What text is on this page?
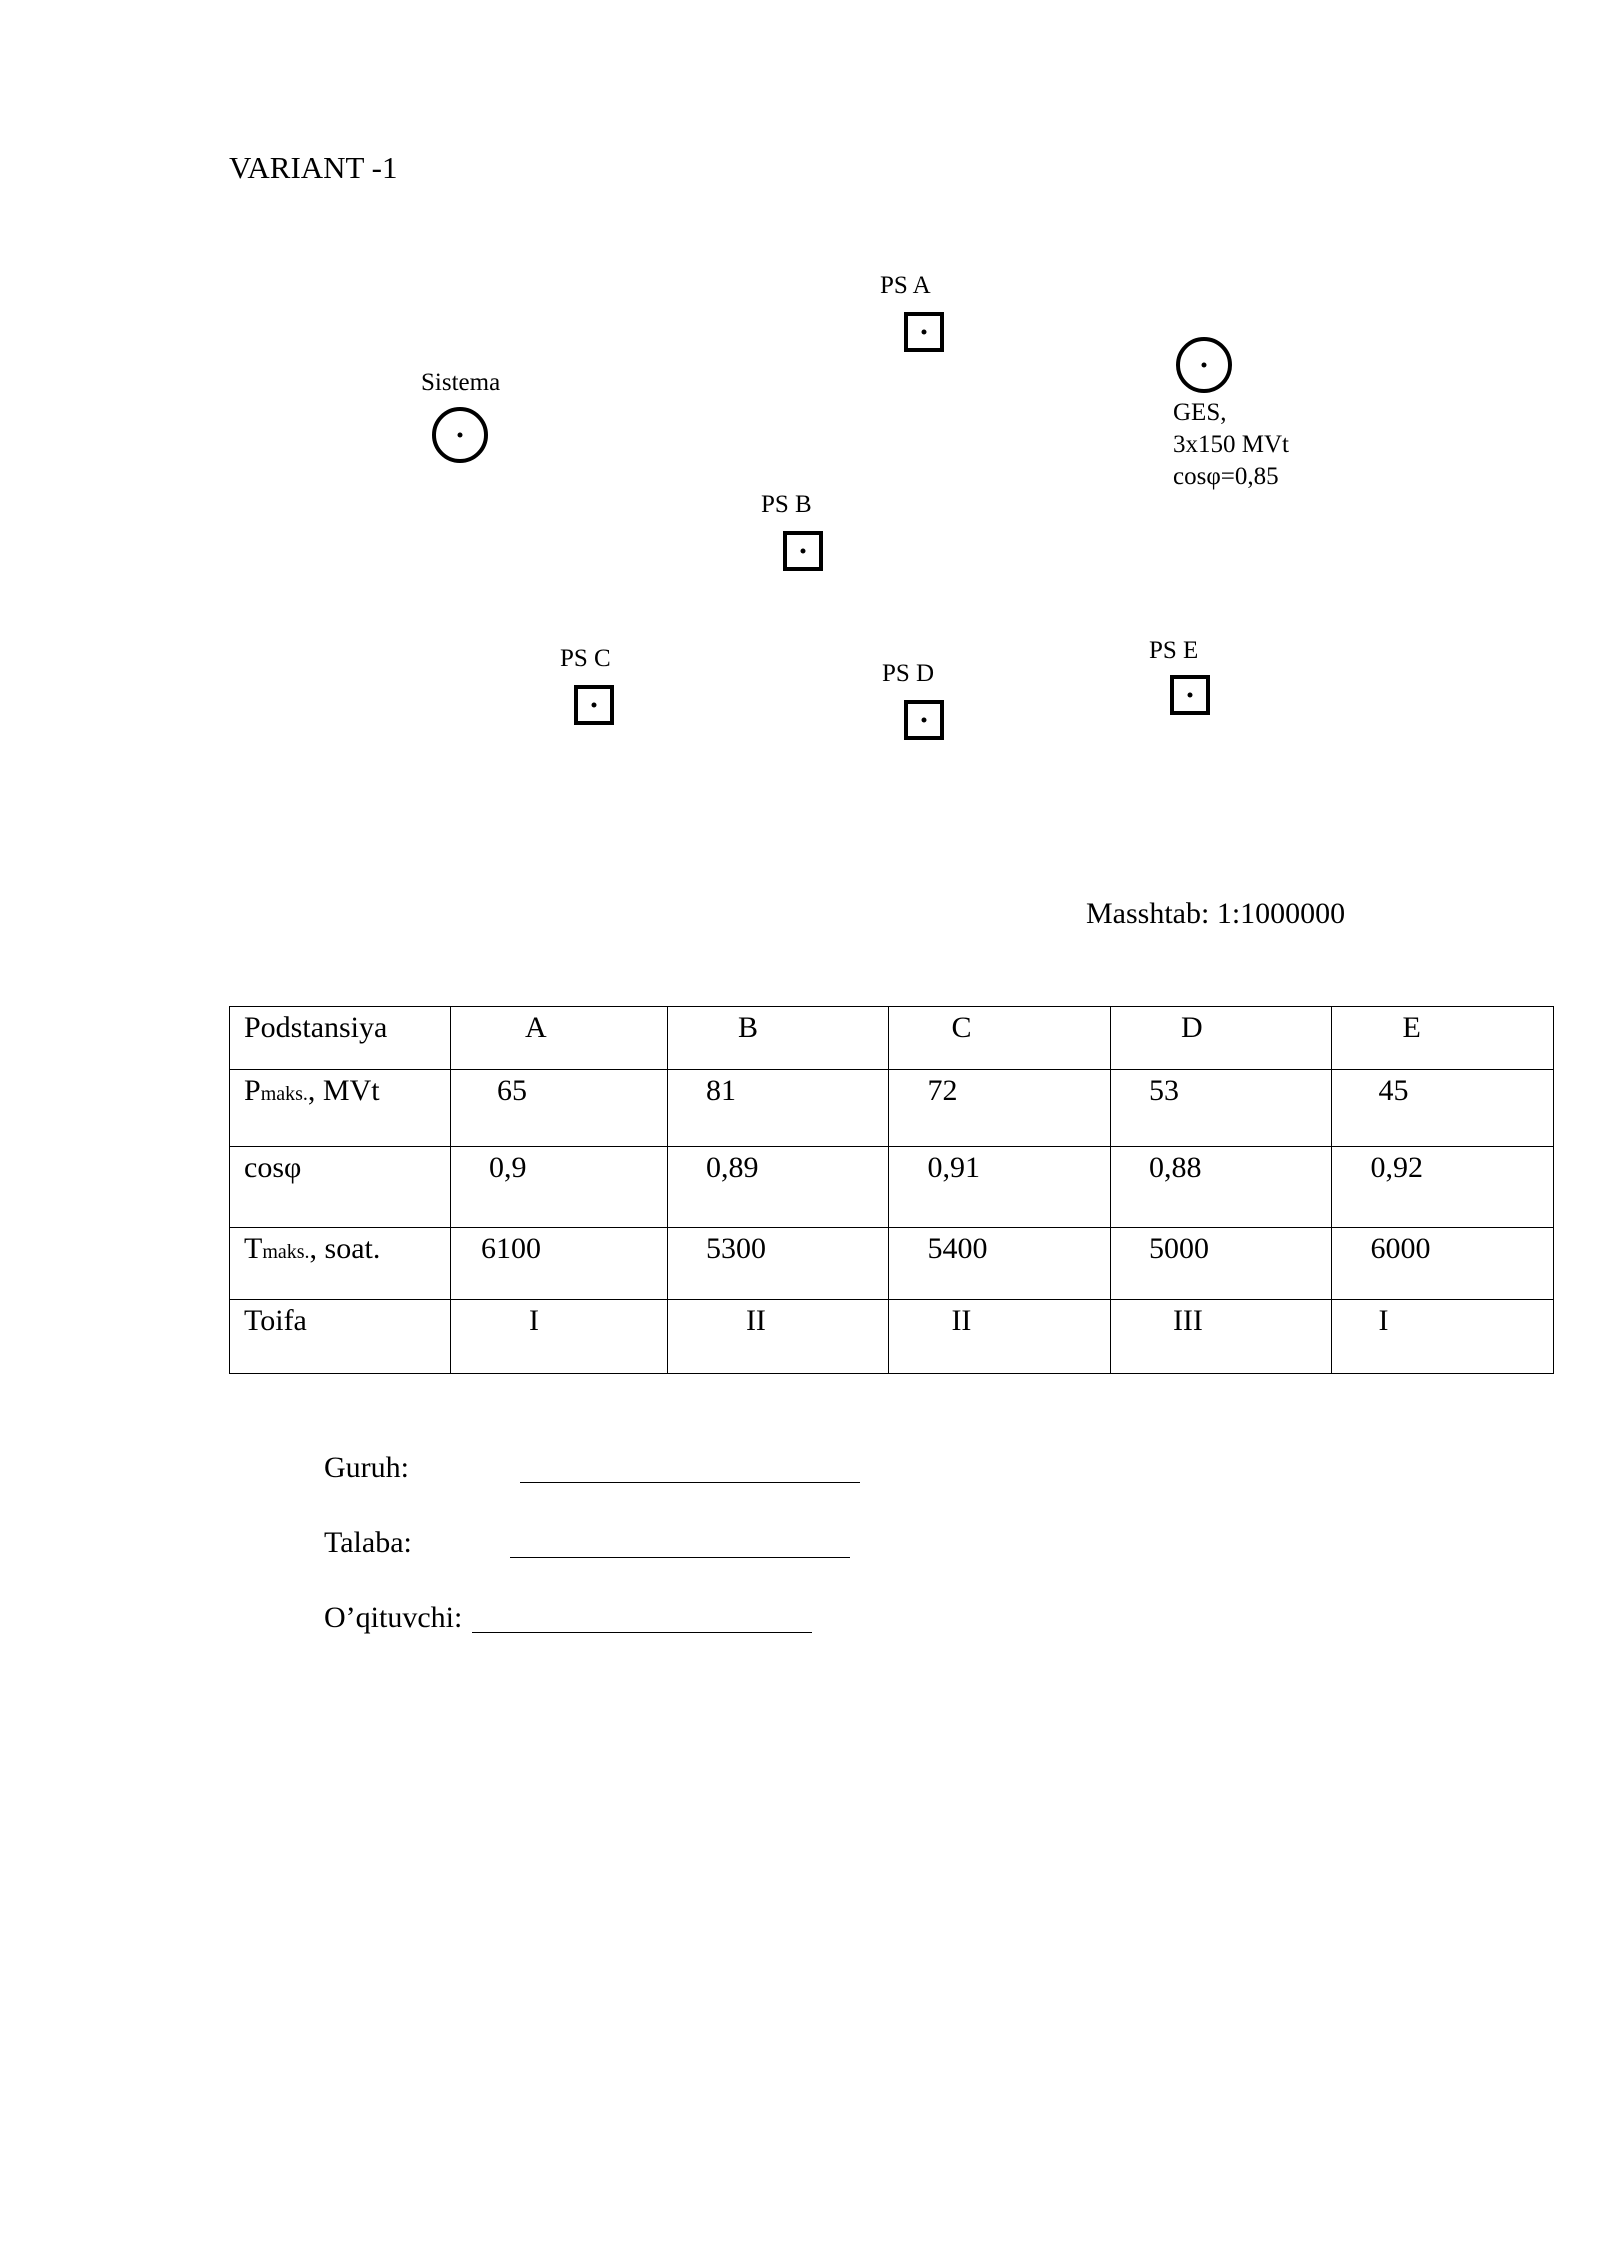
VARIANT -1
Sistema
PS A
GES,
3x150 MVt
cosφ=0,85
PS B
PS C
PS D
PS E
Masshtab: 1:1000000
Podstansiya	A	B	C	D	E
Pmaks., MVt	65	81	72	53	45
cosφ	0,9	0,89	0,91	0,88	0,92
Tmaks., soat.	6100	5300	5400	5000	6000
Toifa	I	II	II	III	I
Guruh:
Talaba:
O’qituvchi:
